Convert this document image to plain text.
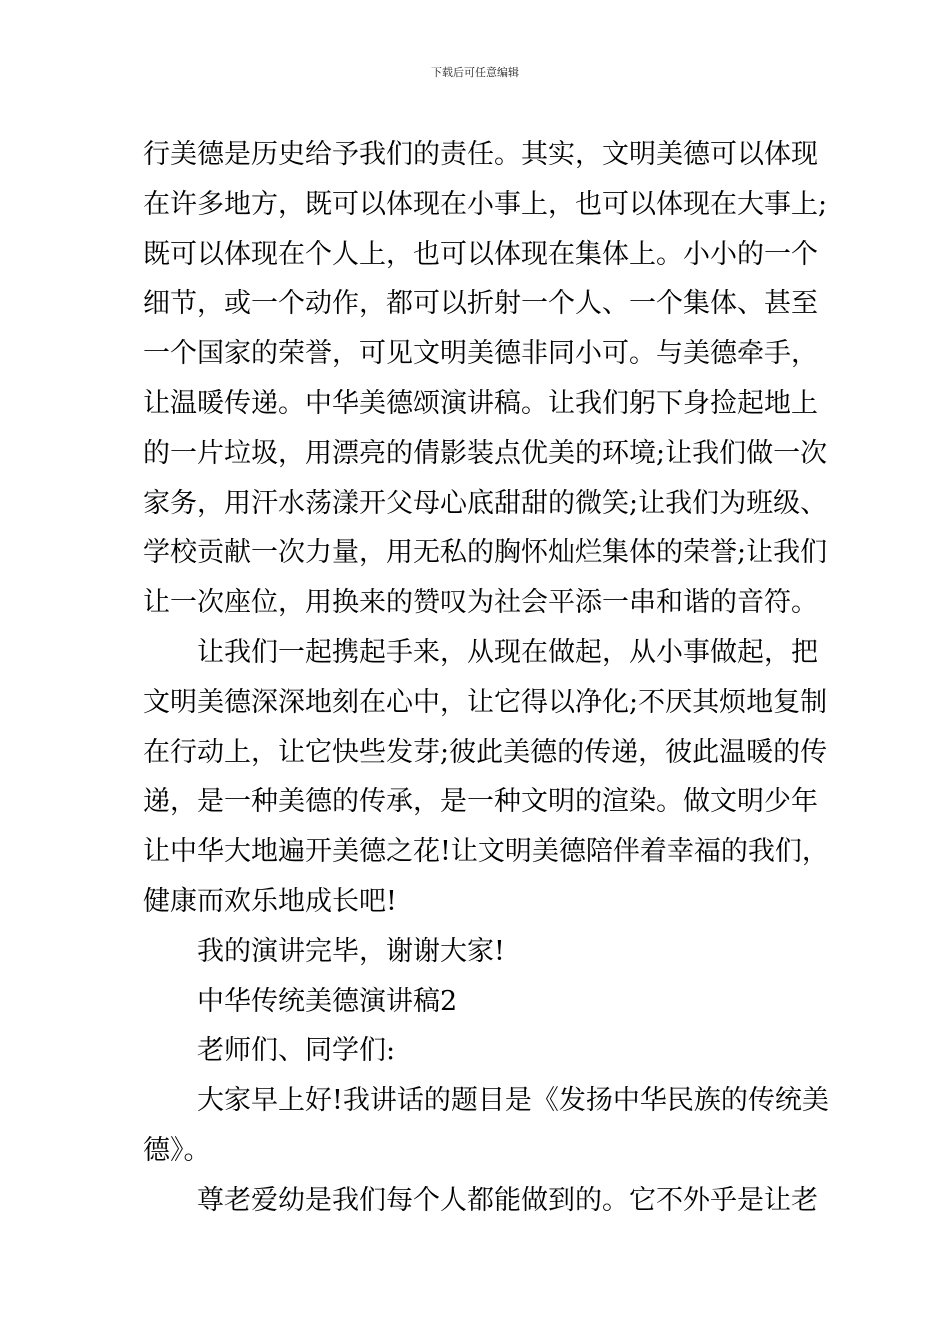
下载后可任意编辑
行美德是历史给予我们的责任。其实，文明美德可以体现
在许多地方，既可以体现在小事上，也可以体现在大事上;
既可以体现在个人上，也可以体现在集体上。小小的一个
细节，或一个动作，都可以折射一个人、一个集体、甚至
一个国家的荣誉，可见文明美德非同小可。与美德牵手，
让温暖传递。中华美德颂演讲稿。让我们躬下身捡起地上
的一片垃圾，用漂亮的倩影装点优美的环境;让我们做一次
家务，用汗水荡漾开父母心底甜甜的微笑;让我们为班级、
学校贡献一次力量，用无私的胸怀灿烂集体的荣誉;让我们
让一次座位，用换来的赞叹为社会平添一串和谐的音符。
让我们一起携起手来，从现在做起，从小事做起，把
文明美德深深地刻在心中，让它得以净化;不厌其烦地复制
在行动上，让它快些发芽;彼此美德的传递，彼此温暖的传
递，是一种美德的传承，是一种文明的渲染。做文明少年
让中华大地遍开美德之花!让文明美德陪伴着幸福的我们，
健康而欢乐地成长吧!
我的演讲完毕，谢谢大家!
中华传统美德演讲稿2
老师们、同学们:
大家早上好!我讲话的题目是《发扬中华民族的传统美
德》。
尊老爱幼是我们每个人都能做到的。它不外乎是让老
